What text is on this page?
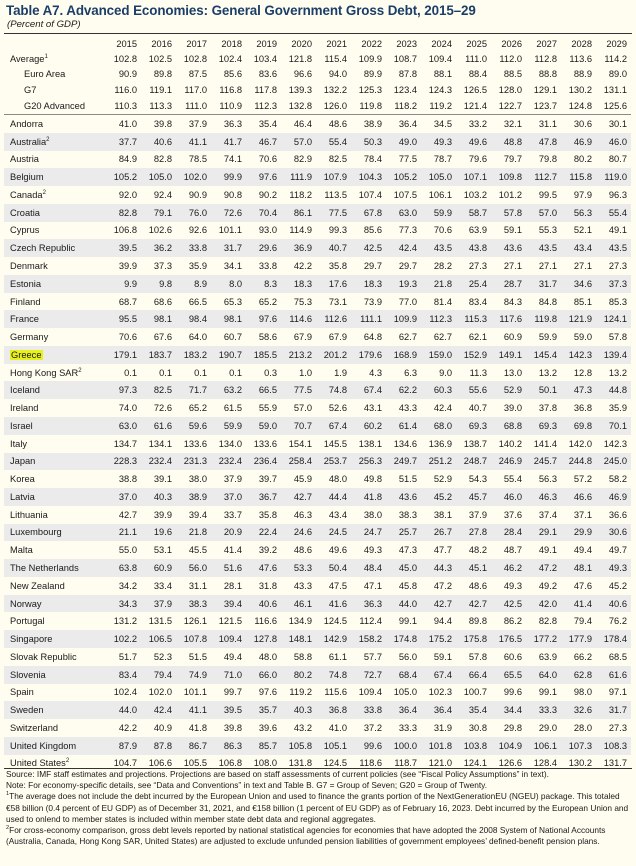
Table A7. Advanced Economies: General Government Gross Debt, 2015–29
(Percent of GDP)
	2015	2016	2017	2018	2019	2020	2021	2022	2023	2024	2025	2026	2027	2028	2029
Average$^1$	102.8	102.5	102.8	102.4	103.4	121.8	115.4	109.9	108.7	109.4	111.0	112.0	112.8	113.6	114.2
Euro Area	90.9	89.8	87.5	85.6	83.6	96.6	94.0	89.9	87.8	88.1	88.4	88.5	88.8	88.9	89.0
G7	116.0	119.1	117.0	116.8	117.8	139.3	132.2	125.3	123.4	124.3	126.5	128.0	129.1	130.2	131.1
G20 Advanced	110.3	113.3	111.0	110.9	112.3	132.8	126.0	119.8	118.2	119.2	121.4	122.7	123.7	124.8	125.6
Andorra	41.0	39.8	37.9	36.3	35.4	46.4	48.6	38.9	36.4	34.5	33.2	32.1	31.1	30.6	30.1
Australia$^2$	37.7	40.6	41.1	41.7	46.7	57.0	55.4	50.3	49.0	49.3	49.6	48.8	47.8	46.9	46.0
Austria	84.9	82.8	78.5	74.1	70.6	82.9	82.5	78.4	77.5	78.7	79.6	79.7	79.8	80.2	80.7
Belgium	105.2	105.0	102.0	99.9	97.6	111.9	107.9	104.3	105.2	105.0	107.1	109.8	112.7	115.8	119.0
Canada$^2$	92.0	92.4	90.9	90.8	90.2	118.2	113.5	107.4	107.5	106.1	103.2	101.2	99.5	97.9	96.3
Croatia	82.8	79.1	76.0	72.6	70.4	86.1	77.5	67.8	63.0	59.9	58.7	57.8	57.0	56.3	55.4
Cyprus	106.8	102.6	92.6	101.1	93.0	114.9	99.3	85.6	77.3	70.6	63.9	59.1	55.3	52.1	49.1
Czech Republic	39.5	36.2	33.8	31.7	29.6	36.9	40.7	42.5	42.4	43.5	43.8	43.6	43.5	43.4	43.5
Denmark	39.9	37.3	35.9	34.1	33.8	42.2	35.8	29.7	29.7	28.2	27.3	27.1	27.1	27.1	27.3
Estonia	9.9	9.8	8.9	8.0	8.3	18.3	17.6	18.3	19.3	21.8	25.4	28.7	31.7	34.6	37.3
Finland	68.7	68.6	66.5	65.3	65.2	75.3	73.1	73.9	77.0	81.4	83.4	84.3	84.8	85.1	85.3
France	95.5	98.1	98.4	98.1	97.6	114.6	112.6	111.1	109.9	112.3	115.3	117.6	119.8	121.9	124.1
Germany	70.6	67.6	64.0	60.7	58.6	67.9	67.9	64.8	62.7	62.7	62.1	60.9	59.9	59.0	57.8
Greece	179.1	183.7	183.2	190.7	185.5	213.2	201.2	179.6	168.9	159.0	152.9	149.1	145.4	142.3	139.4
Hong Kong SAR$^2$	0.1	0.1	0.1	0.1	0.3	1.0	1.9	4.3	6.3	9.0	11.3	13.0	13.2	12.8	13.2
Iceland	97.3	82.5	71.7	63.2	66.5	77.5	74.8	67.4	62.2	60.3	55.6	52.9	50.1	47.3	44.8
Ireland	74.0	72.6	65.2	61.5	55.9	57.0	52.6	43.1	43.3	42.4	40.7	39.0	37.8	36.8	35.9
Israel	63.0	61.6	59.6	59.9	59.0	70.7	67.4	60.2	61.4	68.0	69.3	68.8	69.3	69.8	70.1
Italy	134.7	134.1	133.6	134.0	133.6	154.1	145.5	138.1	134.6	136.9	138.7	140.2	141.4	142.0	142.3
Japan	228.3	232.4	231.3	232.4	236.4	258.4	253.7	256.3	249.7	251.2	248.7	246.9	245.7	244.8	245.0
Korea	38.8	39.1	38.0	37.9	39.7	45.9	48.0	49.8	51.5	52.9	54.3	55.4	56.3	57.2	58.2
Latvia	37.0	40.3	38.9	37.0	36.7	42.7	44.4	41.8	43.6	45.2	45.7	46.0	46.3	46.6	46.9
Lithuania	42.7	39.9	39.4	33.7	35.8	46.3	43.4	38.0	38.3	38.1	37.9	37.6	37.4	37.1	36.6
Luxembourg	21.1	19.6	21.8	20.9	22.4	24.6	24.5	24.7	25.7	26.7	27.8	28.4	29.1	29.9	30.6
Malta	55.0	53.1	45.5	41.4	39.2	48.6	49.6	49.3	47.3	47.7	48.2	48.7	49.1	49.4	49.7
The Netherlands	63.8	60.9	56.0	51.6	47.6	53.3	50.4	48.4	45.0	44.3	45.1	46.2	47.2	48.1	49.3
New Zealand	34.2	33.4	31.1	28.1	31.8	43.3	47.5	47.1	45.8	47.2	48.6	49.3	49.2	47.6	45.2
Norway	34.3	37.9	38.3	39.4	40.6	46.1	41.6	36.3	44.0	42.7	42.7	42.5	42.0	41.4	40.6
Portugal	131.2	131.5	126.1	121.5	116.6	134.9	124.5	112.4	99.1	94.4	89.8	86.2	82.8	79.4	76.2
Singapore	102.2	106.5	107.8	109.4	127.8	148.1	142.9	158.2	174.8	175.2	175.8	176.5	177.2	177.9	178.4
Slovak Republic	51.7	52.3	51.5	49.4	48.0	58.8	61.1	57.7	56.0	59.1	57.8	60.6	63.9	66.2	68.5
Slovenia	83.4	79.4	74.9	71.0	66.0	80.2	74.8	72.7	68.4	67.4	66.4	65.5	64.0	62.8	61.6
Spain	102.4	102.0	101.1	99.7	97.6	119.2	115.6	109.4	105.0	102.3	100.7	99.6	99.1	98.0	97.1
Sweden	44.0	42.4	41.1	39.5	35.7	40.3	36.8	33.8	36.4	36.4	35.4	34.4	33.3	32.6	31.7
Switzerland	42.2	40.9	41.8	39.8	39.6	43.2	41.0	37.2	33.3	31.9	30.8	29.8	29.0	28.0	27.3
United Kingdom	87.9	87.8	86.7	86.3	85.7	105.8	105.1	99.6	100.0	101.8	103.8	104.9	106.1	107.3	108.3
United States$^2$	104.7	106.6	105.5	106.8	108.0	131.8	124.5	118.6	118.7	121.0	124.1	126.6	128.4	130.2	131.7

Source: IMF staff estimates and projections. Projections are based on staff assessments of current policies (see “Fiscal Policy Assumptions” in text).

Note: For economy-specific details, see “Data and Conventions” in text and Table B. G7 = Group of Seven; G20 = Group of Twenty.

$^1$The average does not include the debt incurred by the European Union and used to finance the grants portion of the NextGenerationEU (NGEU) package. This totaled €58 billion (0.4 percent of EU GDP) as of December 31, 2021, and €158 billion (1 percent of EU GDP) as of February 16, 2023. Debt incurred by the European Union and used to onlend to member states is included within member state debt data and regional aggregates.

$^2$For cross-economy comparison, gross debt levels reported by national statistical agencies for economies that have adopted the 2008 System of National Accounts (Australia, Canada, Hong Kong SAR, United States) are adjusted to exclude unfunded pension liabilities of government employees’ defined-benefit pension plans.
